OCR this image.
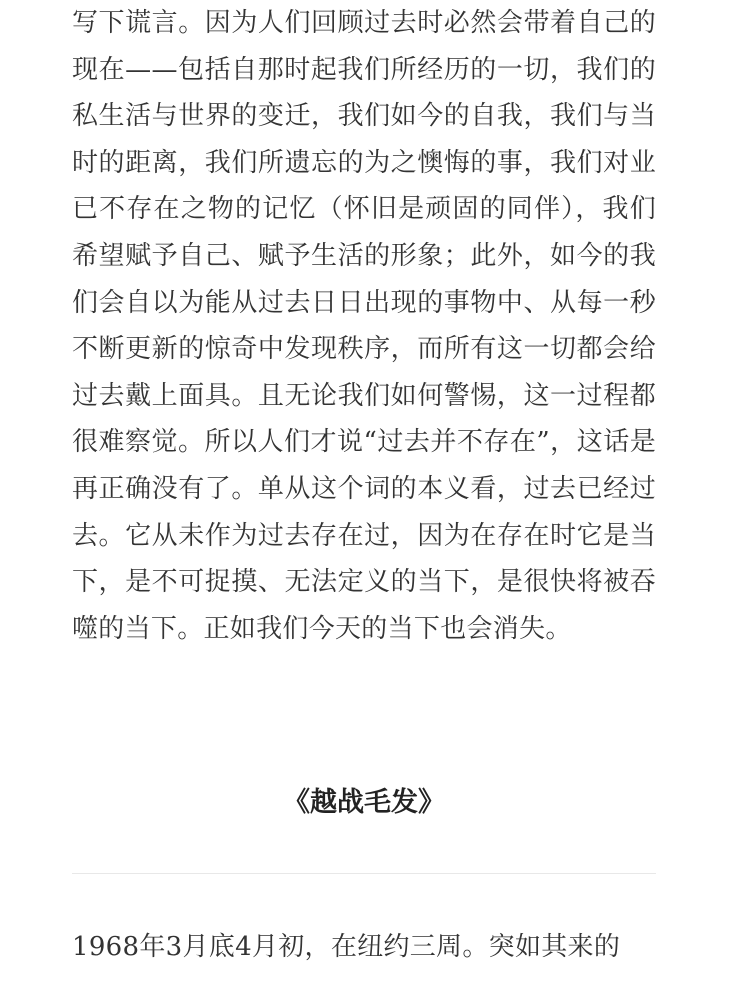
写下谎言。因为人们回顾过去时必然会带着自己的现在——包括自那时起我们所经历的一切，我们的私生活与世界的变迁，我们如今的自我，我们与当时的距离，我们所遗忘的为之懊悔的事，我们对业已不存在之物的记忆（怀旧是顽固的同伴），我们希望赋予自己、赋予生活的形象；此外，如今的我们会自以为能从过去日日出现的事物中、从每一秒不断更新的惊奇中发现秩序，而所有这一切都会给过去戴上面具。且无论我们如何警惕，这一过程都很难察觉。所以人们才说“过去并不存在”，这话是再正确没有了。单从这个词的本义看，过去已经过去。它从未作为过去存在过，因为在存在时它是当下，是不可捉摸、无法定义的当下，是很快将被吞噬的当下。正如我们今天的当下也会消失。

《越战毛发》

1968年3月底4月初，在纽约三周。突如其来的
